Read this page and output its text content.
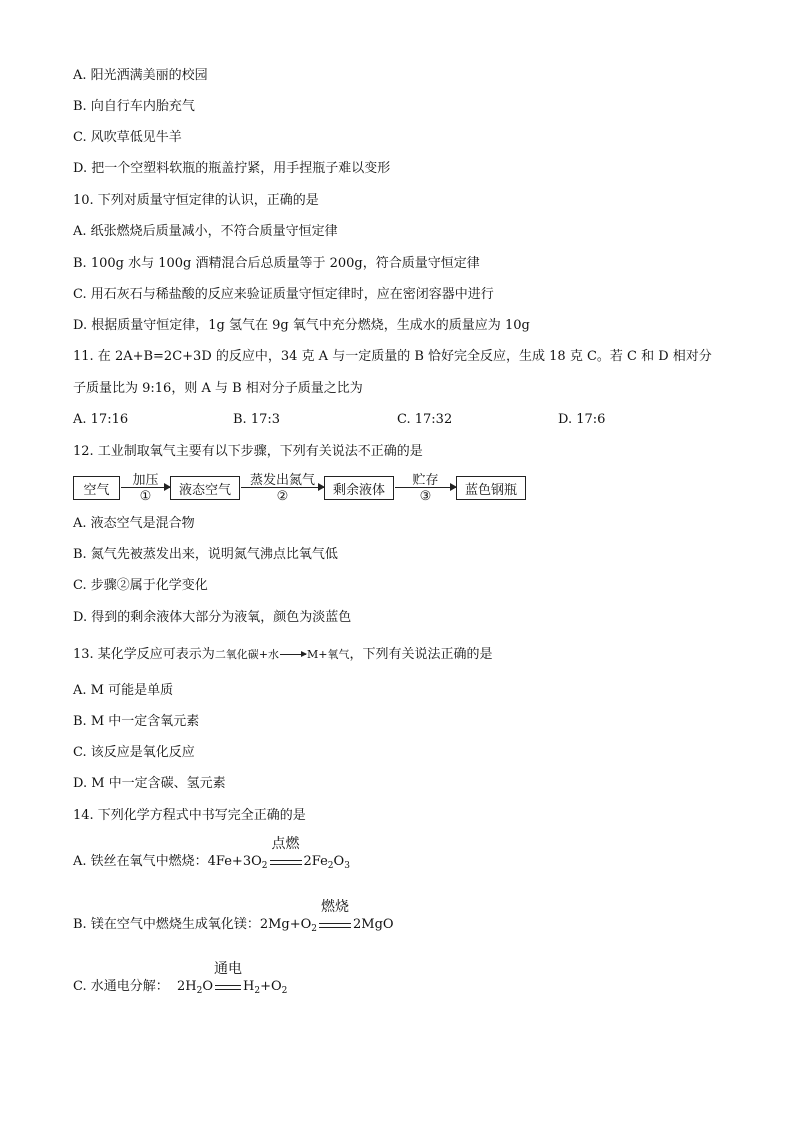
A. 阳光洒满美丽的校园
B. 向自行车内胎充气
C. 风吹草低见牛羊
D. 把一个空塑料软瓶的瓶盖拧紧，用手捏瓶子难以变形
10. 下列对质量守恒定律的认识，正确的是
A. 纸张燃烧后质量减小，不符合质量守恒定律
B. 100g 水与 100g 酒精混合后总质量等于 200g，符合质量守恒定律
C. 用石灰石与稀盐酸的反应来验证质量守恒定律时，应在密闭容器中进行
D. 根据质量守恒定律，1g 氢气在 9g 氧气中充分燃烧，生成水的质量应为 10g
11. 在 2A+B=2C+3D 的反应中，34 克 A 与一定质量的 B 恰好完全反应，生成 18 克 C。若 C 和 D 相对分
子质量比为 9:16，则 A 与 B 相对分子质量之比为
A. 17:16	B. 17:3	C. 17:32	D. 17:6
12. 工业制取氧气主要有以下步骤，下列有关说法不正确的是
空气
加压
①	液态空气
蒸发出氮气
②	剩余液体
贮存
③	蓝色钢瓶
A. 液态空气是混合物
B. 氮气先被蒸发出来，说明氮气沸点比氧气低
C. 步骤②属于化学变化
D. 得到的剩余液体大部分为液氧，颜色为淡蓝色
13. 某化学反应可表示为二氧化碳+水→M+氧气，下列有关说法正确的是
A. M 可能是单质
B. M 中一定含氧元素
C. 该反应是氧化反应
D. M 中一定含碳、氢元素
14. 下列化学方程式中书写完全正确的是
A. 铁丝在氧气中燃烧：$4Fe+3O_2$
点燃
$2Fe_2O_3$
B. 镁在空气中燃烧生成氧化镁：$2Mg+O_2$
燃烧
2MgO
C. 水通电分解：  $2H_2O$
通电
$H_2+O_2$
